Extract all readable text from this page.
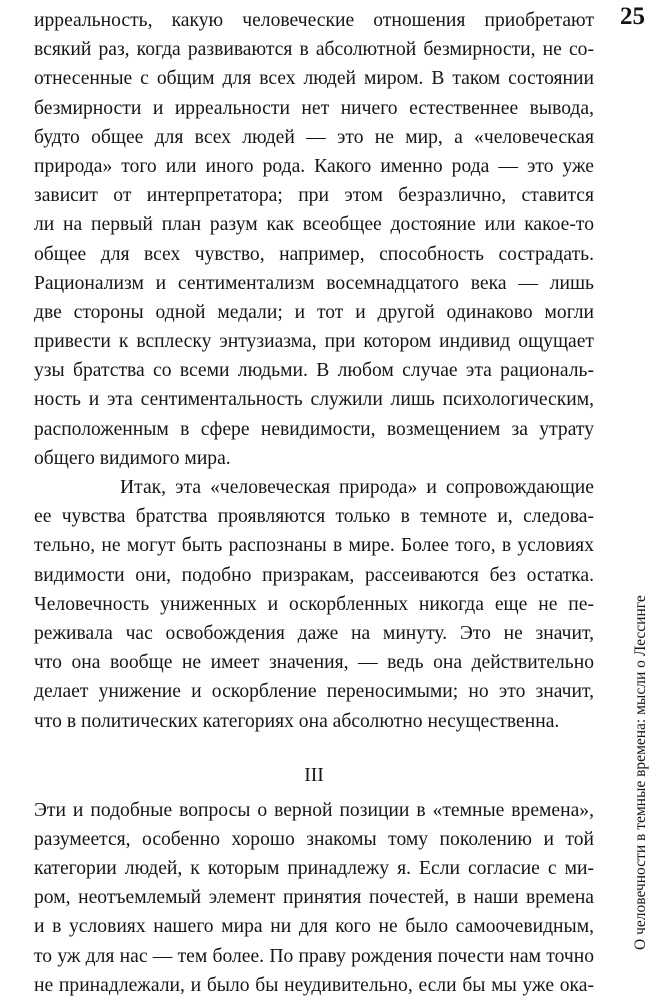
25
О человечности в темные времена: мысли о Лессинге
ирреальность, какую человеческие отношения приобретают
всякий раз, когда развиваются в абсолютной безмирности, не со-
отнесенные с общим для всех людей миром. В таком состоянии
безмирности и ирреальности нет ничего естественнее вывода,
будто общее для всех людей — это не мир, а «человеческая
природа» того или иного рода. Какого именно рода — это уже
зависит от интерпретатора; при этом безразлично, ставится
ли на первый план разум как всеобщее достояние или какое-то
общее для всех чувство, например, способность сострадать.
Рационализм и сентиментализм восемнадцатого века — лишь
две стороны одной медали; и тот и другой одинаково могли
привести к всплеску энтузиазма, при котором индивид ощущает
узы братства со всеми людьми. В любом случае эта рациональ-
ность и эта сентиментальность служили лишь психологическим,
расположенным в сфере невидимости, возмещением за утрату
общего видимого мира.
Итак, эта «человеческая природа» и сопровождающие
ее чувства братства проявляются только в темноте и, следова-
тельно, не могут быть распознаны в мире. Более того, в условиях
видимости они, подобно призракам, рассеиваются без остатка.
Человечность униженных и оскорбленных никогда еще не пе-
реживала час освобождения даже на минуту. Это не значит,
что она вообще не имеет значения, — ведь она действительно
делает унижение и оскорбление переносимыми; но это значит,
что в политических категориях она абсолютно несущественна.
III
Эти и подобные вопросы о верной позиции в «темные времена»,
разумеется, особенно хорошо знакомы тому поколению и той
категории людей, к которым принадлежу я. Если согласие с ми-
ром, неотъемлемый элемент принятия почестей, в наши времена
и в условиях нашего мира ни для кого не было самоочевидным,
то уж для нас — тем более. По праву рождения почести нам точно
не принадлежали, и было бы неудивительно, если бы мы уже ока-
